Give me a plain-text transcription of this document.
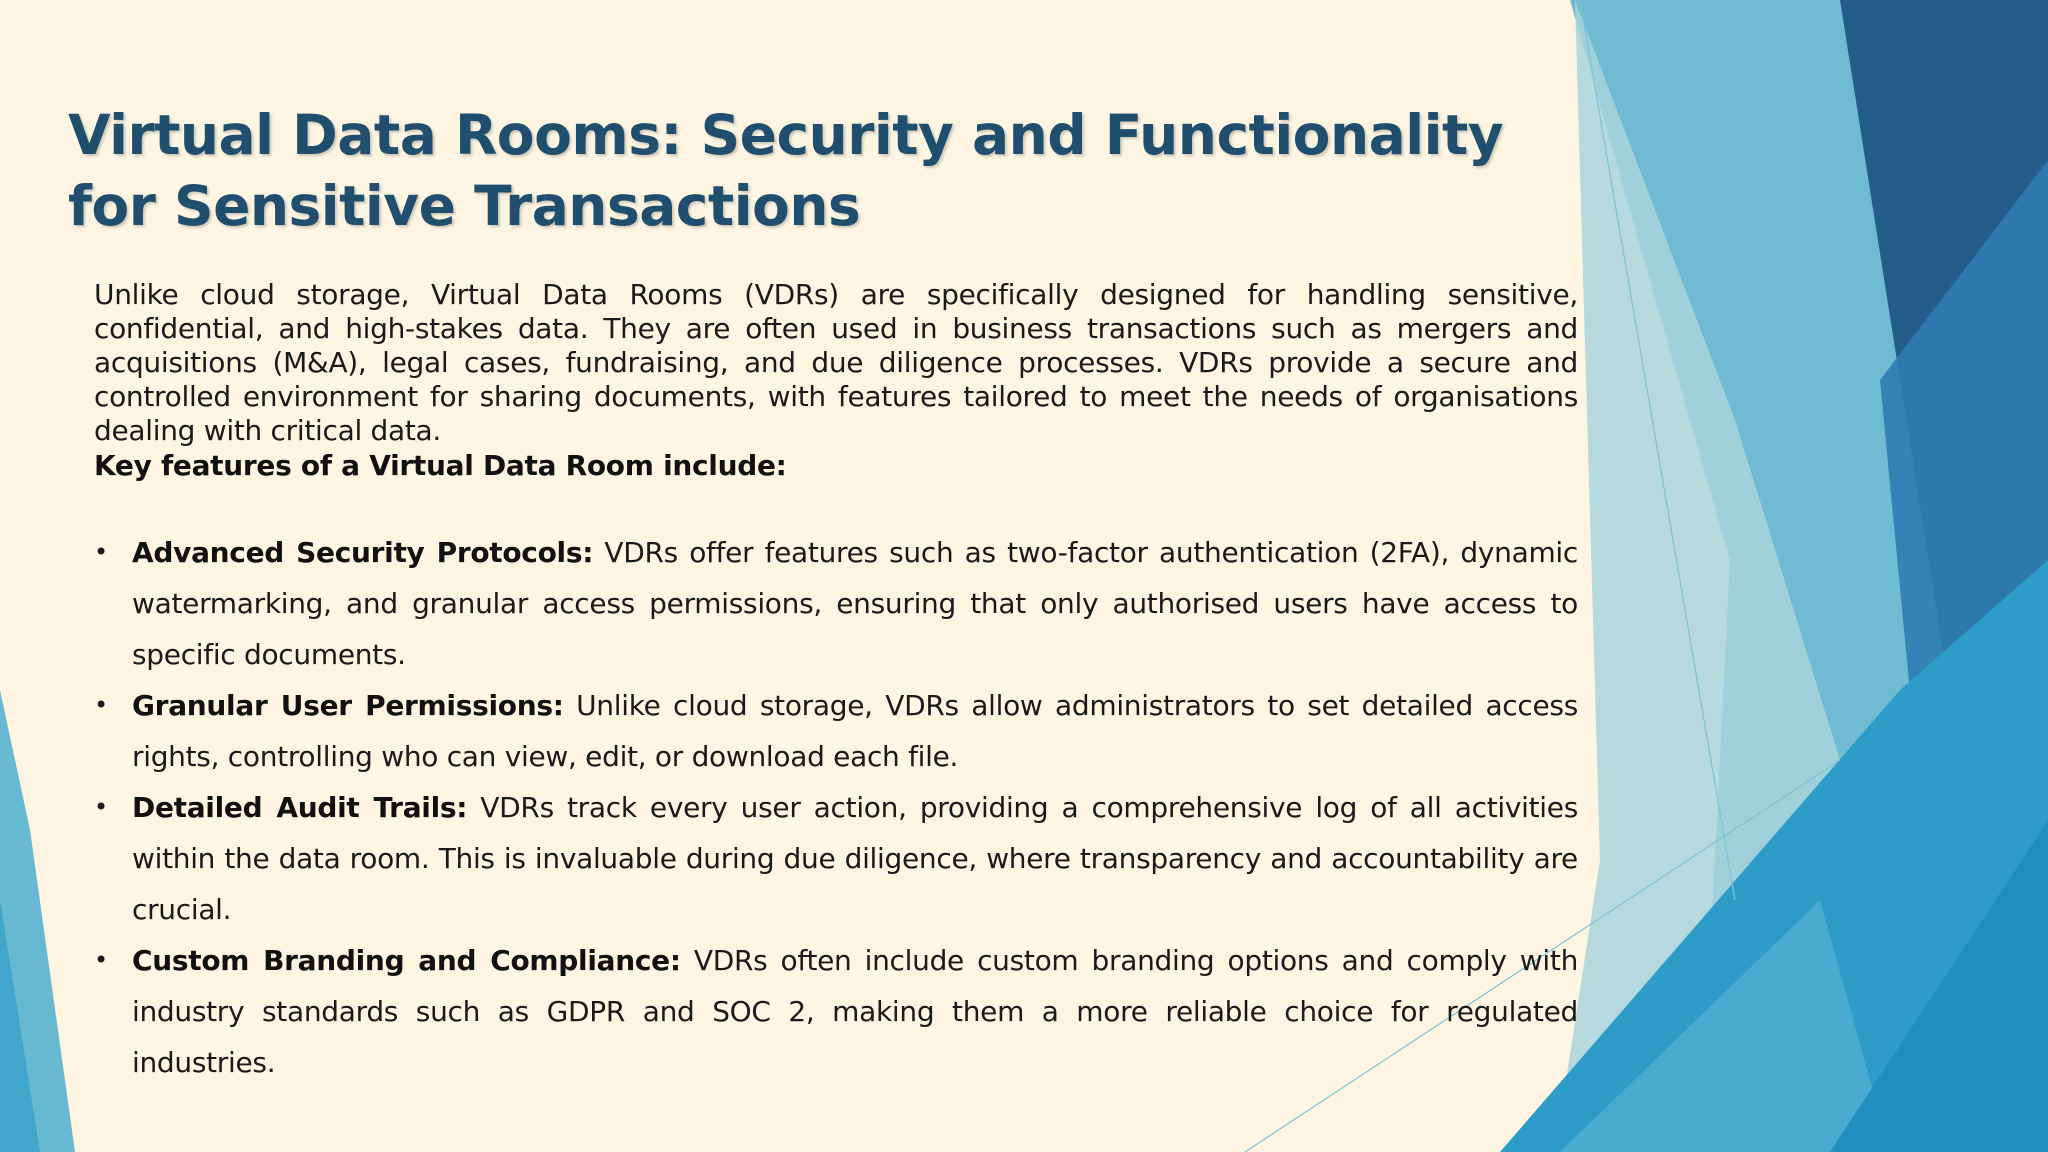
Virtual Data Rooms: Security and Functionality for Sensitive Transactions

Unlike cloud storage, Virtual Data Rooms (VDRs) are specifically designed for handling sensitive, confidential, and high-stakes data. They are often used in business transactions such as mergers and acquisitions (M&A), legal cases, fundraising, and due diligence processes. VDRs provide a secure and controlled environment for sharing documents, with features tailored to meet the needs of organisations dealing with critical data.

Key features of a Virtual Data Room include:

• Advanced Security Protocols: VDRs offer features such as two-factor authentication (2FA), dynamic watermarking, and granular access permissions, ensuring that only authorised users have access to specific documents.
• Granular User Permissions: Unlike cloud storage, VDRs allow administrators to set detailed access rights, controlling who can view, edit, or download each file.
• Detailed Audit Trails: VDRs track every user action, providing a comprehensive log of all activities within the data room. This is invaluable during due diligence, where transparency and accountability are crucial.
• Custom Branding and Compliance: VDRs often include custom branding options and comply with industry standards such as GDPR and SOC 2, making them a more reliable choice for regulated industries.
